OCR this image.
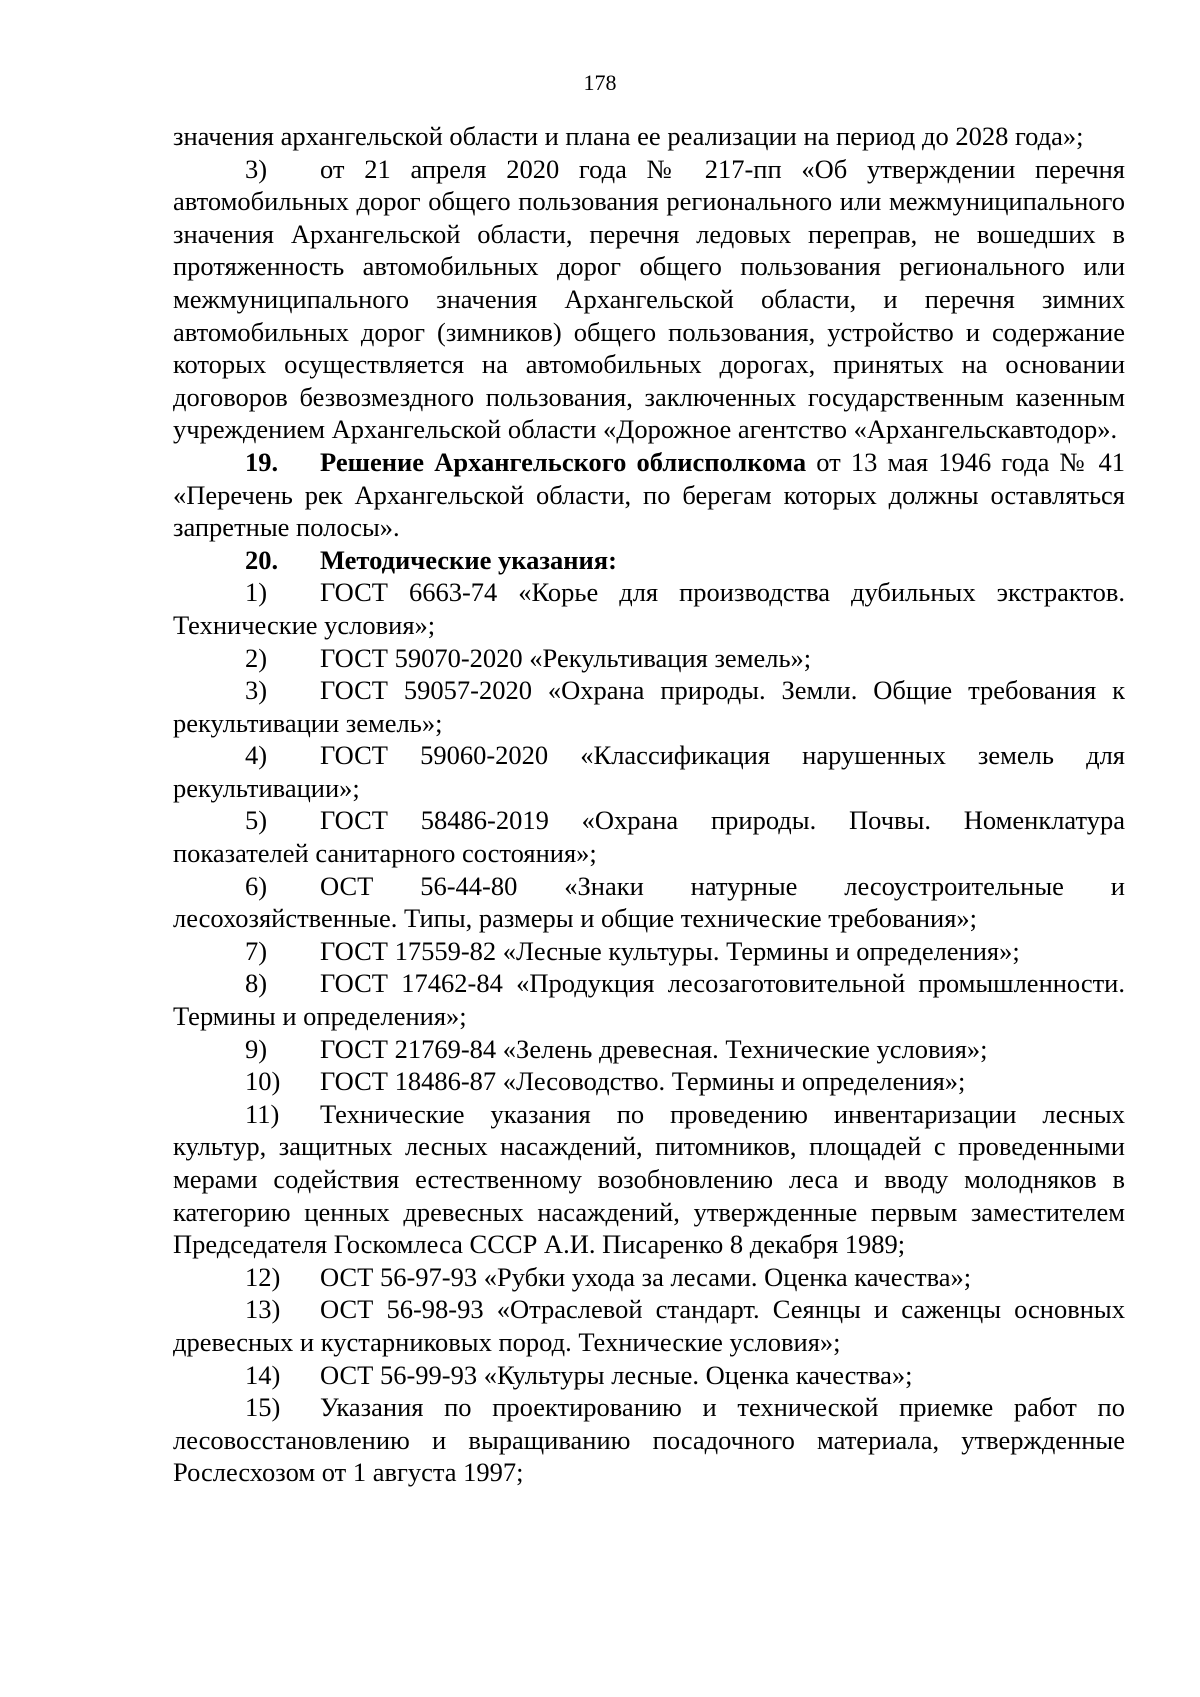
178

значения архангельской области и плана ее реализации на период до 2028 года»;

3) от 21 апреля 2020 года № 217-пп «Об утверждении перечня автомобильных дорог общего пользования регионального или межмуниципального значения Архангельской области, перечня ледовых переправ, не вошедших в протяженность автомобильных дорог общего пользования регионального или межмуниципального значения Архангельской области, и перечня зимних автомобильных дорог (зимников) общего пользования, устройство и содержание которых осуществляется на автомобильных дорогах, принятых на основании договоров безвозмездного пользования, заключенных государственным казенным учреждением Архангельской области «Дорожное агентство «Архангельскавтодор».

19. Решение Архангельского облисполкома от 13 мая 1946 года № 41 «Перечень рек Архангельской области, по берегам которых должны оставляться запретные полосы».

20. Методические указания:

1) ГОСТ 6663-74 «Корье для производства дубильных экстрактов. Технические условия»;

2) ГОСТ 59070-2020 «Рекультивация земель»;

3) ГОСТ 59057-2020 «Охрана природы. Земли. Общие требования к рекультивации земель»;

4) ГОСТ 59060-2020 «Классификация нарушенных земель для рекультивации»;

5) ГОСТ 58486-2019 «Охрана природы. Почвы. Номенклатура показателей санитарного состояния»;

6) ОСТ 56-44-80 «Знаки натурные лесоустроительные и лесохозяйственные. Типы, размеры и общие технические требования»;

7) ГОСТ 17559-82 «Лесные культуры. Термины и определения»;

8) ГОСТ 17462-84 «Продукция лесозаготовительной промышленности. Термины и определения»;

9) ГОСТ 21769-84 «Зелень древесная. Технические условия»;

10) ГОСТ 18486-87 «Лесоводство. Термины и определения»;

11) Технические указания по проведению инвентаризации лесных культур, защитных лесных насаждений, питомников, площадей с проведенными мерами содействия естественному возобновлению леса и вводу молодняков в категорию ценных древесных насаждений, утвержденные первым заместителем Председателя Госкомлеса СССР А.И. Писаренко 8 декабря 1989;

12) ОСТ 56-97-93 «Рубки ухода за лесами. Оценка качества»;

13) ОСТ 56-98-93 «Отраслевой стандарт. Сеянцы и саженцы основных древесных и кустарниковых пород. Технические условия»;

14) ОСТ 56-99-93 «Культуры лесные. Оценка качества»;

15) Указания по проектированию и технической приемке работ по лесовосстановлению и выращиванию посадочного материала, утвержденные Рослесхозом от 1 августа 1997;
